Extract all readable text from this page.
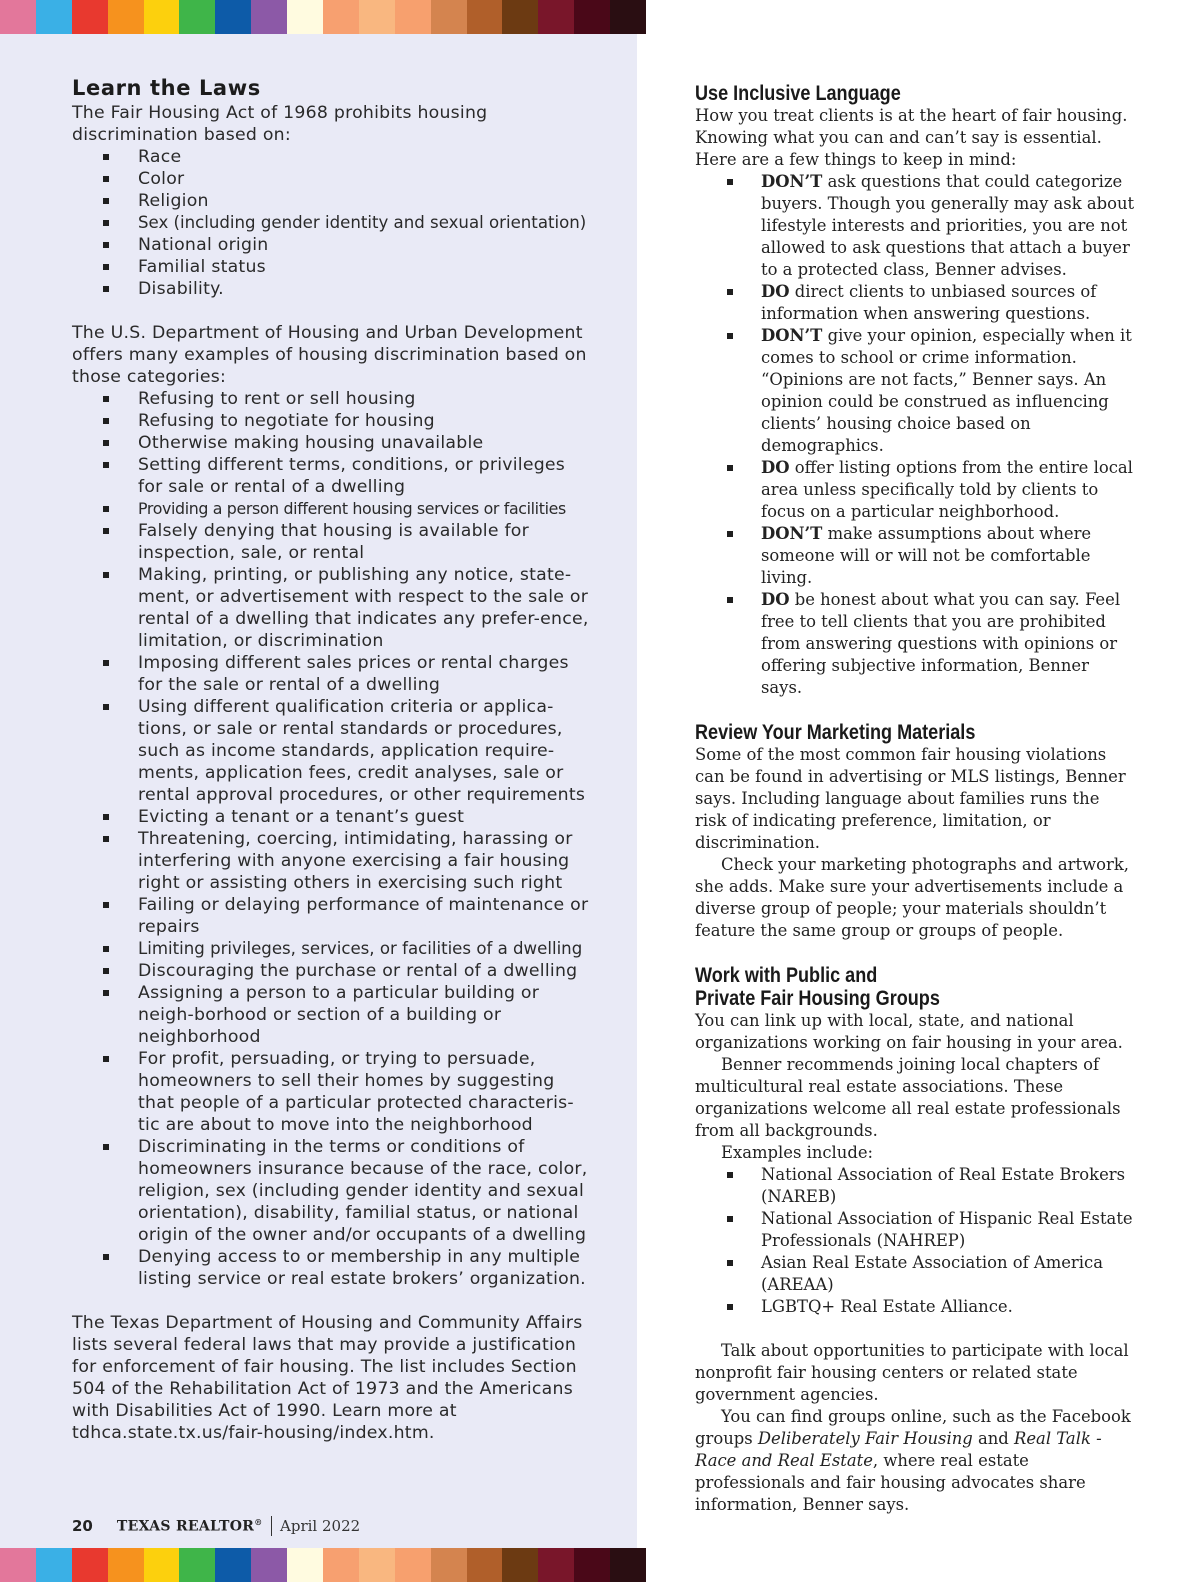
Learn the Laws

The Fair Housing Act of 1968 prohibits housing discrimination based on:

Race
Color
Religion
Sex (including gender identity and sexual orientation)
National origin
Familial status
Disability.

The U.S. Department of Housing and Urban Development offers many examples of housing discrimination based on those categories:

Refusing to rent or sell housing
Refusing to negotiate for housing
Otherwise making housing unavailable
Setting different terms, conditions, or privileges for sale or rental of a dwelling
Providing a person different housing services or facilities
Falsely denying that housing is available for inspection, sale, or rental
Making, printing, or publishing any notice, state-ment, or advertisement with respect to the sale or rental of a dwelling that indicates any prefer-ence, limitation, or discrimination
Imposing different sales prices or rental charges for the sale or rental of a dwelling
Using different qualification criteria or applica-tions, or sale or rental standards or procedures, such as income standards, application require-ments, application fees, credit analyses, sale or rental approval procedures, or other requirements
Evicting a tenant or a tenant’s guest
Threatening, coercing, intimidating, harassing or interfering with anyone exercising a fair housing right or assisting others in exercising such right
Failing or delaying performance of maintenance or repairs
Limiting privileges, services, or facilities of a dwelling
Discouraging the purchase or rental of a dwelling
Assigning a person to a particular building or neigh-borhood or section of a building or neighborhood
For profit, persuading, or trying to persuade, homeowners to sell their homes by suggesting that people of a particular protected characteris-tic are about to move into the neighborhood
Discriminating in the terms or conditions of homeowners insurance because of the race, color, religion, sex (including gender identity and sexual orientation), disability, familial status, or national origin of the owner and/or occupants of a dwelling
Denying access to or membership in any multiple listing service or real estate brokers’ organization.

The Texas Department of Housing and Community Affairs lists several federal laws that may provide a justification for enforcement of fair housing. The list includes Section 504 of the Rehabilitation Act of 1973 and the Americans with Disabilities Act of 1990. Learn more at tdhca.state.tx.us/fair-housing/index.htm.

Use Inclusive Language

How you treat clients is at the heart of fair housing. Knowing what you can and can’t say is essential. Here are a few things to keep in mind:

DON’T ask questions that could categorize buyers. Though you generally may ask about lifestyle interests and priorities, you are not allowed to ask questions that attach a buyer to a protected class, Benner advises.
DO direct clients to unbiased sources of information when answering questions.
DON’T give your opinion, especially when it comes to school or crime information. “Opinions are not facts,” Benner says. An opinion could be construed as influencing clients’ housing choice based on demographics.
DO offer listing options from the entire local area unless specifically told by clients to focus on a particular neighborhood.
DON’T make assumptions about where someone will or will not be comfortable living.
DO be honest about what you can say. Feel free to tell clients that you are prohibited from answering questions with opinions or offering subjective information, Benner says.
Review Your Marketing Materials

Some of the most common fair housing violations can be found in advertising or MLS listings, Benner says. Including language about families runs the risk of indicating preference, limitation, or discrimination.

Check your marketing photographs and artwork, she adds. Make sure your advertisements include a diverse group of people; your materials shouldn’t feature the same group or groups of people.

Work with Public and
Private Fair Housing Groups

You can link up with local, state, and national organizations working on fair housing in your area.

Benner recommends joining local chapters of multicultural real estate associations. These organizations welcome all real estate professionals from all backgrounds.

Examples include:

National Association of Real Estate Brokers (NAREB)
National Association of Hispanic Real Estate Professionals (NAHREP)
Asian Real Estate Association of America (AREAA)
LGBTQ+ Real Estate Alliance.

Talk about opportunities to participate with local nonprofit fair housing centers or related state government agencies.

You can find groups online, such as the Facebook groups Deliberately Fair Housing and Real Talk - Race and Real Estate, where real estate professionals and fair housing advocates share information, Benner says.

20 TEXAS REALTOR® April 2022
